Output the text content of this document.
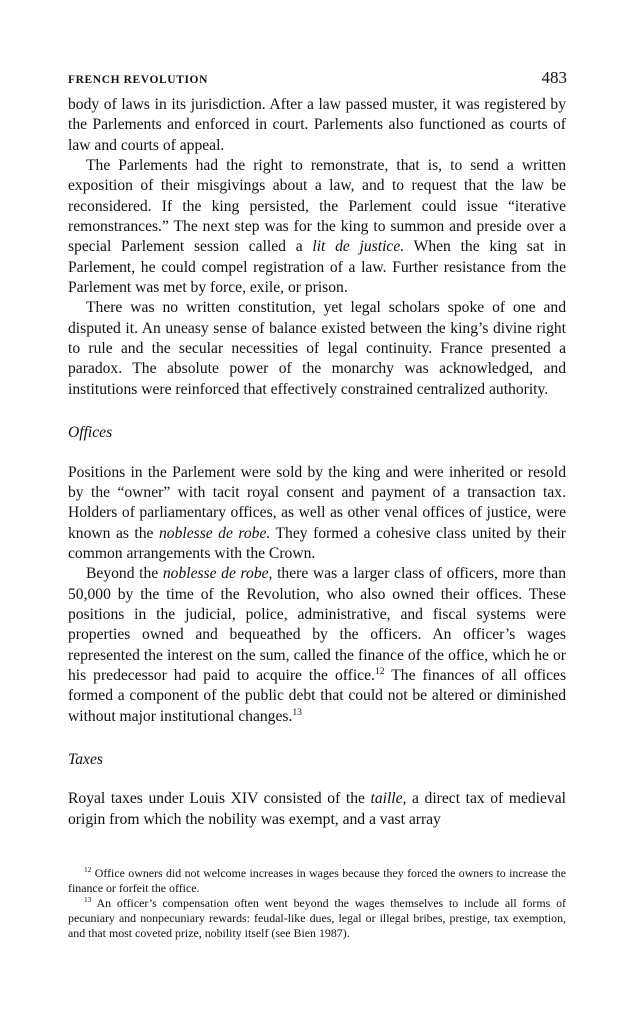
FRENCH REVOLUTION	483

body of laws in its jurisdiction. After a law passed muster, it was registered by the Parlements and enforced in court. Parlements also functioned as courts of law and courts of appeal.

The Parlements had the right to remonstrate, that is, to send a written exposition of their misgivings about a law, and to request that the law be reconsidered. If the king persisted, the Parlement could issue “iterative remonstrances.” The next step was for the king to summon and preside over a special Parlement session called a lit de justice. When the king sat in Parlement, he could compel registration of a law. Further resistance from the Parlement was met by force, exile, or prison.

There was no written constitution, yet legal scholars spoke of one and disputed it. An uneasy sense of balance existed between the king’s divine right to rule and the secular necessities of legal continuity. France presented a paradox. The absolute power of the monarchy was acknowledged, and institutions were reinforced that effectively constrained centralized authority.

Offices

Positions in the Parlement were sold by the king and were inherited or resold by the “owner” with tacit royal consent and payment of a transaction tax. Holders of parliamentary offices, as well as other venal offices of justice, were known as the noblesse de robe. They formed a cohesive class united by their common arrangements with the Crown.

Beyond the noblesse de robe, there was a larger class of officers, more than 50,000 by the time of the Revolution, who also owned their offices. These positions in the judicial, police, administrative, and fiscal systems were properties owned and bequeathed by the officers. An officer’s wages represented the interest on the sum, called the finance of the office, which he or his predecessor had paid to acquire the office.$^{12}$ The finances of all offices formed a component of the public debt that could not be altered or diminished without major institutional changes.$^{13}$

Taxes

Royal taxes under Louis XIV consisted of the taille, a direct tax of medieval origin from which the nobility was exempt, and a vast array

$^{12}$ Office owners did not welcome increases in wages because they forced the owners to increase the finance or forfeit the office.

$^{13}$ An officer’s compensation often went beyond the wages themselves to include all forms of pecuniary and nonpecuniary rewards: feudal-like dues, legal or illegal bribes, prestige, tax exemption, and that most coveted prize, nobility itself (see Bien 1987).
